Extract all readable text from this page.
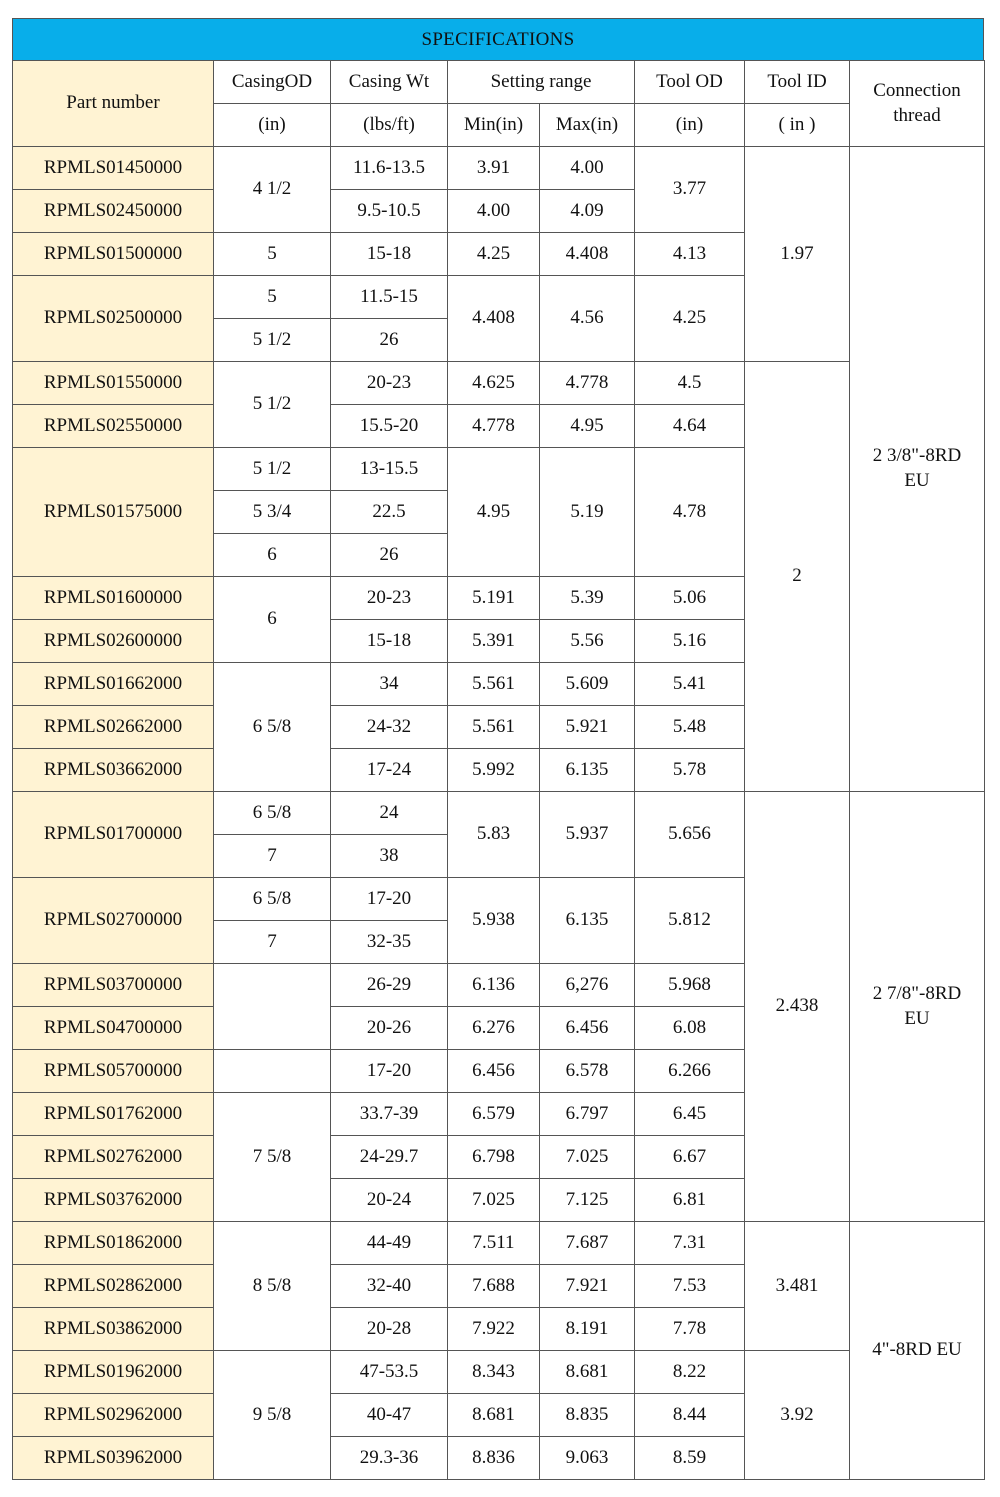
SPECIFICATIONS
Part number	CasingOD	Casing Wt	Setting range		Tool OD	Tool ID	Connection thread
	(in)	(lbs/ft)	Min(in)	Max(in)	(in)	( in )	
RPMLS01450000	4 1/2	11.6-13.5	3.91	4.00	3.77	1.97	2 3/8"-8RD EU
RPMLS02450000		9.5-10.5	4.00	4.09			
RPMLS01500000	5	15-18	4.25	4.408	4.13		
RPMLS02500000	5	11.5-15	4.408	4.56	4.25		
	5 1/2	26					
RPMLS01550000	5 1/2	20-23	4.625	4.778	4.5	2	
RPMLS02550000		15.5-20	4.778	4.95	4.64		
RPMLS01575000	5 1/2	13-15.5	4.95	5.19	4.78		
	5 3/4	22.5					
	6	26					
RPMLS01600000	6	20-23	5.191	5.39	5.06		
RPMLS02600000		15-18	5.391	5.56	5.16		
RPMLS01662000	6 5/8	34	5.561	5.609	5.41		
RPMLS02662000		24-32	5.561	5.921	5.48		
RPMLS03662000		17-24	5.992	6.135	5.78		
RPMLS01700000	6 5/8	24	5.83	5.937	5.656	2.438	2 7/8"-8RD EU
	7	38					
RPMLS02700000	6 5/8	17-20	5.938	6.135	5.812		
	7	32-35					
RPMLS03700000		26-29	6.136	6,276	5.968		
RPMLS04700000		20-26	6.276	6.456	6.08		
RPMLS05700000		17-20	6.456	6.578	6.266		
RPMLS01762000	7 5/8	33.7-39	6.579	6.797	6.45		
RPMLS02762000		24-29.7	6.798	7.025	6.67		
RPMLS03762000		20-24	7.025	7.125	6.81		
RPMLS01862000	8 5/8	44-49	7.511	7.687	7.31	3.481	4"-8RD EU
RPMLS02862000		32-40	7.688	7.921	7.53		
RPMLS03862000		20-28	7.922	8.191	7.78		
RPMLS01962000	9 5/8	47-53.5	8.343	8.681	8.22	3.92	
RPMLS02962000		40-47	8.681	8.835	8.44		
RPMLS03962000		29.3-36	8.836	9.063	8.59		
